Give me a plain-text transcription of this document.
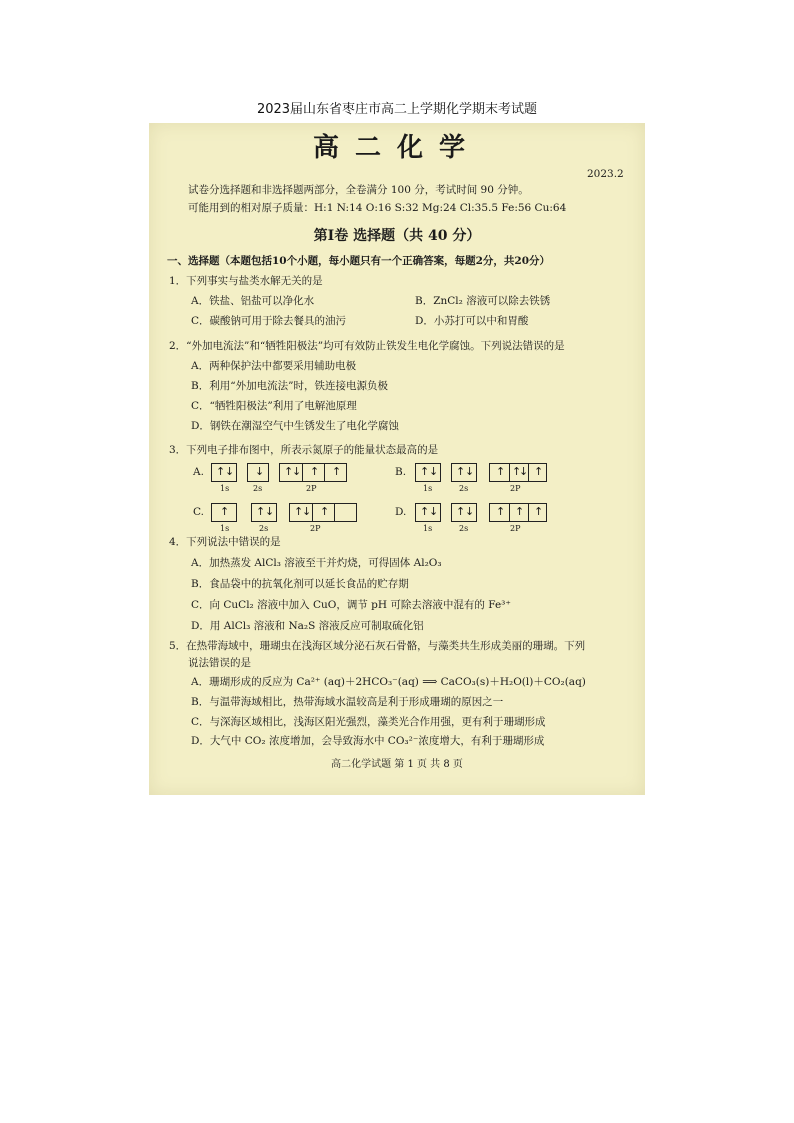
2023届山东省枣庄市高二上学期化学期末考试题
高二化学
2023.2
试卷分选择题和非选择题两部分，全卷满分 100 分，考试时间 90 分钟。
可能用到的相对原子质量：H:1 N:14 O:16 S:32 Mg:24 Cl:35.5 Fe:56 Cu:64
第Ⅰ卷 选择题（共 40 分）
一、选择题（本题包括10个小题，每小题只有一个正确答案，每题2分，共20分）
1．下列事实与盐类水解无关的是
A．铁盐、铝盐可以净化水	B．ZnCl₂ 溶液可以除去铁锈
C．碳酸钠可用于除去餐具的油污	D．小苏打可以中和胃酸
2．“外加电流法”和“牺牲阳极法”均可有效防止铁发生电化学腐蚀。下列说法错误的是
A．两种保护法中都要采用辅助电极
B．利用“外加电流法”时，铁连接电源负极
C．“牺牲阳极法”利用了电解池原理
D．钢铁在潮湿空气中生锈发生了电化学腐蚀
3．下列电子排布图中，所表示氮原子的能量状态最高的是
A. ↑ ↓ ↓ ↑
↓ ↑ ↑
1s	2s	2P
B. ↑ ↓ ↑ ↓ ↑ ↑
↓ ↑
1s	2s	2P
C. ↑ ↑ ↓ ↑
↓ ↑
1s	2s	2P
D. ↑ ↓ ↑ ↓ ↑ ↑ ↑
1s	2s	2P
4．下列说法中错误的是
A．加热蒸发 AlCl₃ 溶液至干并灼烧，可得固体 Al₂O₃
B．食品袋中的抗氧化剂可以延长食品的贮存期
C．向 CuCl₂ 溶液中加入 CuO，调节 pH 可除去溶液中混有的 Fe³⁺
D．用 AlCl₃ 溶液和 Na₂S 溶液反应可制取硫化铝
5．在热带海域中，珊瑚虫在浅海区域分泌石灰石骨骼，与藻类共生形成美丽的珊瑚。下列
说法错误的是
A．珊瑚形成的反应为 Ca²⁺ (aq)＋2HCO₃⁻(aq) ⟹ CaCO₃(s)＋H₂O(l)＋CO₂(aq)
B．与温带海域相比，热带海域水温较高是利于形成珊瑚的原因之一
C．与深海区域相比，浅海区阳光强烈，藻类光合作用强，更有利于珊瑚形成
D．大气中 CO₂ 浓度增加，会导致海水中 CO₃²⁻浓度增大，有利于珊瑚形成
高二化学试题 第 1 页 共 8 页
